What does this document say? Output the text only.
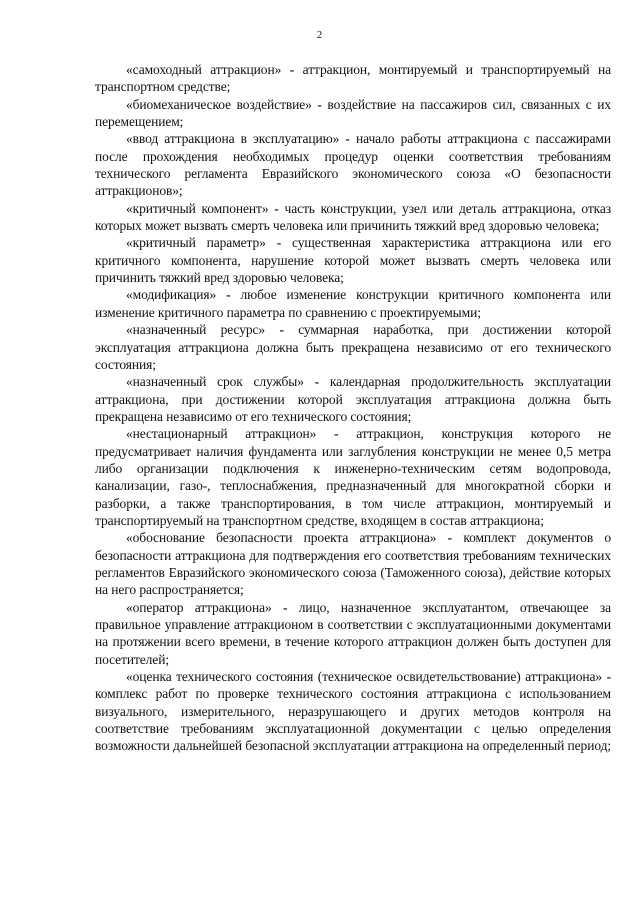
2

«самоходный аттракцион» - аттракцион, монтируемый и транспортируемый на транспортном средстве;

«биомеханическое воздействие» - воздействие на пассажиров сил, связанных с их перемещением;

«ввод аттракциона в эксплуатацию» - начало работы аттракциона с пассажирами после прохождения необходимых процедур оценки соответствия требованиям технического регламента Евразийского экономического союза «О безопасности аттракционов»;

«критичный компонент» - часть конструкции, узел или деталь аттракциона, отказ которых может вызвать смерть человека или причинить тяжкий вред здоровью человека;

«критичный параметр» - существенная характеристика аттракциона или его критичного компонента, нарушение которой может вызвать смерть человека или причинить тяжкий вред здоровью человека;

«модификация» - любое изменение конструкции критичного компонента или изменение критичного параметра по сравнению с проектируемыми;

«назначенный ресурс» - суммарная наработка, при достижении которой эксплуатация аттракциона должна быть прекращена независимо от его технического состояния;

«назначенный срок службы» - календарная продолжительность эксплуатации аттракциона, при достижении которой эксплуатация аттракциона должна быть прекращена независимо от его технического состояния;

«нестационарный аттракцион» - аттракцион, конструкция которого не предусматривает наличия фундамента или заглубления конструкции не менее 0,5 метра либо организации подключения к инженерно-техническим сетям водопровода, канализации, газо-, теплоснабжения, предназначенный для многократной сборки и разборки, а также транспортирования, в том числе аттракцион, монтируемый и транспортируемый на транспортном средстве, входящем в состав аттракциона;

«обоснование безопасности проекта аттракциона» - комплект документов о безопасности аттракциона для подтверждения его соответствия требованиям технических регламентов Евразийского экономического союза (Таможенного союза), действие которых на него распространяется;

«оператор аттракциона» - лицо, назначенное эксплуатантом, отвечающее за правильное управление аттракционом в соответствии с эксплуатационными документами на протяжении всего времени, в течение которого аттракцион должен быть доступен для посетителей;

«оценка технического состояния (техническое освидетельствование) аттракциона» - комплекс работ по проверке технического состояния аттракциона с использованием визуального, измерительного, неразрушающего и других методов контроля на соответствие требованиям эксплуатационной документации с целью определения возможности дальнейшей безопасной эксплуатации аттракциона на определенный период;
